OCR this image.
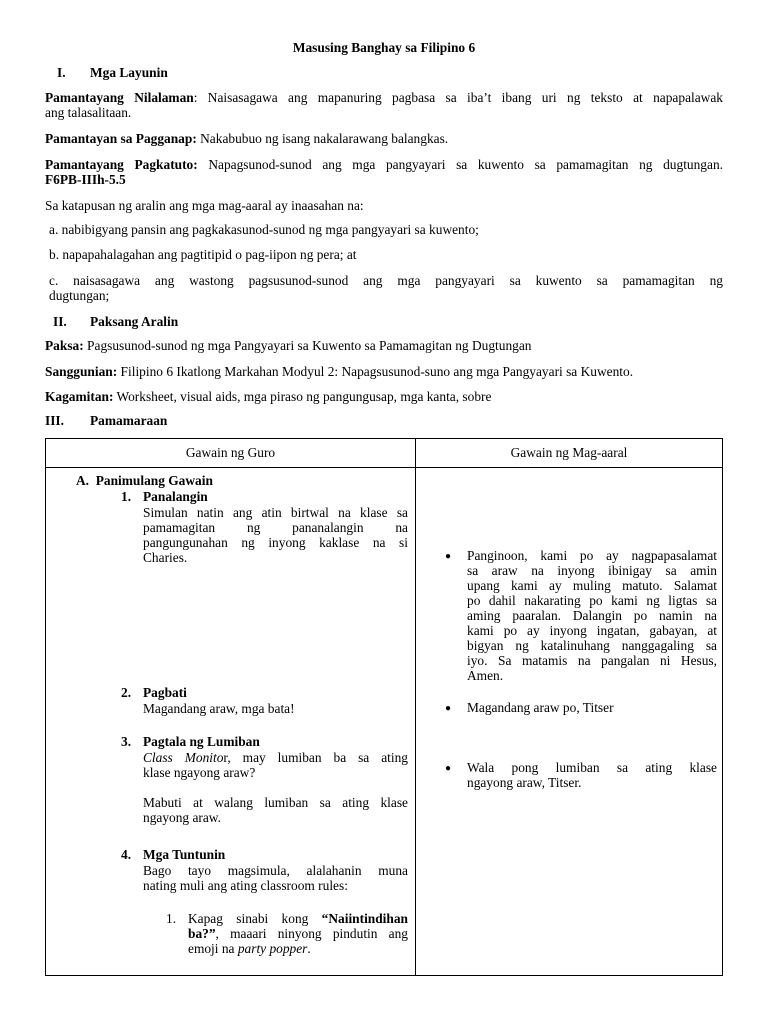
Masusing Banghay sa Filipino 6
I. Mga Layunin
Pamantayang Nilalaman: Naisasagawa ang mapanuring pagbasa sa iba’t ibang uri ng teksto at napapalawak
ang talasalitaan.
Pamantayan sa Pagganap: Nakabubuo ng isang nakalarawang balangkas.
Pamantayang Pagkatuto: Napagsunod-sunod ang mga pangyayari sa kuwento sa pamamagitan ng dugtungan.
F6PB-IIIh-5.5
Sa katapusan ng aralin ang mga mag-aaral ay inaasahan na:
a. nabibigyang pansin ang pagkakasunod-sunod ng mga pangyayari sa kuwento;
b. napapahalagahan ang pagtitipid o pag-iipon ng pera; at
c. naisasagawa ang wastong pagsusunod-sunod ang mga pangyayari sa kuwento sa pamamagitan ng
dugtungan;
II. Paksang Aralin
Paksa: Pagsusunod-sunod ng mga Pangyayari sa Kuwento sa Pamamagitan ng Dugtungan
Sanggunian: Filipino 6 Ikatlong Markahan Modyul 2: Napagsusunod-suno ang mga Pangyayari sa Kuwento.
Kagamitan: Worksheet, visual aids, mga piraso ng pangungusap, mga kanta, sobre
III. Pamamaraan
Gawain ng Guro	Gawain ng Mag-aaral
A.  Panimulang Gawain
1. Panalangin
Simulan natin ang atin birtwal na klase sa
pamamagitan ng pananalangin na
pangungunahan ng inyong kaklase na si
Charies.
2. Pagbati
Magandang araw, mga bata!
3. Pagtala ng Lumiban
Class Monitor, may lumiban ba sa ating
klase ngayong araw?
Mabuti at walang lumiban sa ating klase
ngayong araw.
4. Mga Tuntunin
Bago tayo magsimula, alalahanin muna
nating muli ang ating classroom rules:
1. Kapag sinabi kong “Naiintindihan
ba?”, maaari ninyong pindutin ang
emoji na party popper.
● Panginoon, kami po ay nagpapasalamat
sa araw na inyong ibinigay sa amin
upang kami ay muling matuto. Salamat
po dahil nakarating po kami ng ligtas sa
aming paaralan. Dalangin po namin na
kami po ay inyong ingatan, gabayan, at
bigyan ng katalinuhang nanggagaling sa
iyo. Sa matamis na pangalan ni Hesus,
Amen.
● Magandang araw po, Titser
● Wala pong lumiban sa ating klase
ngayong araw, Titser.
